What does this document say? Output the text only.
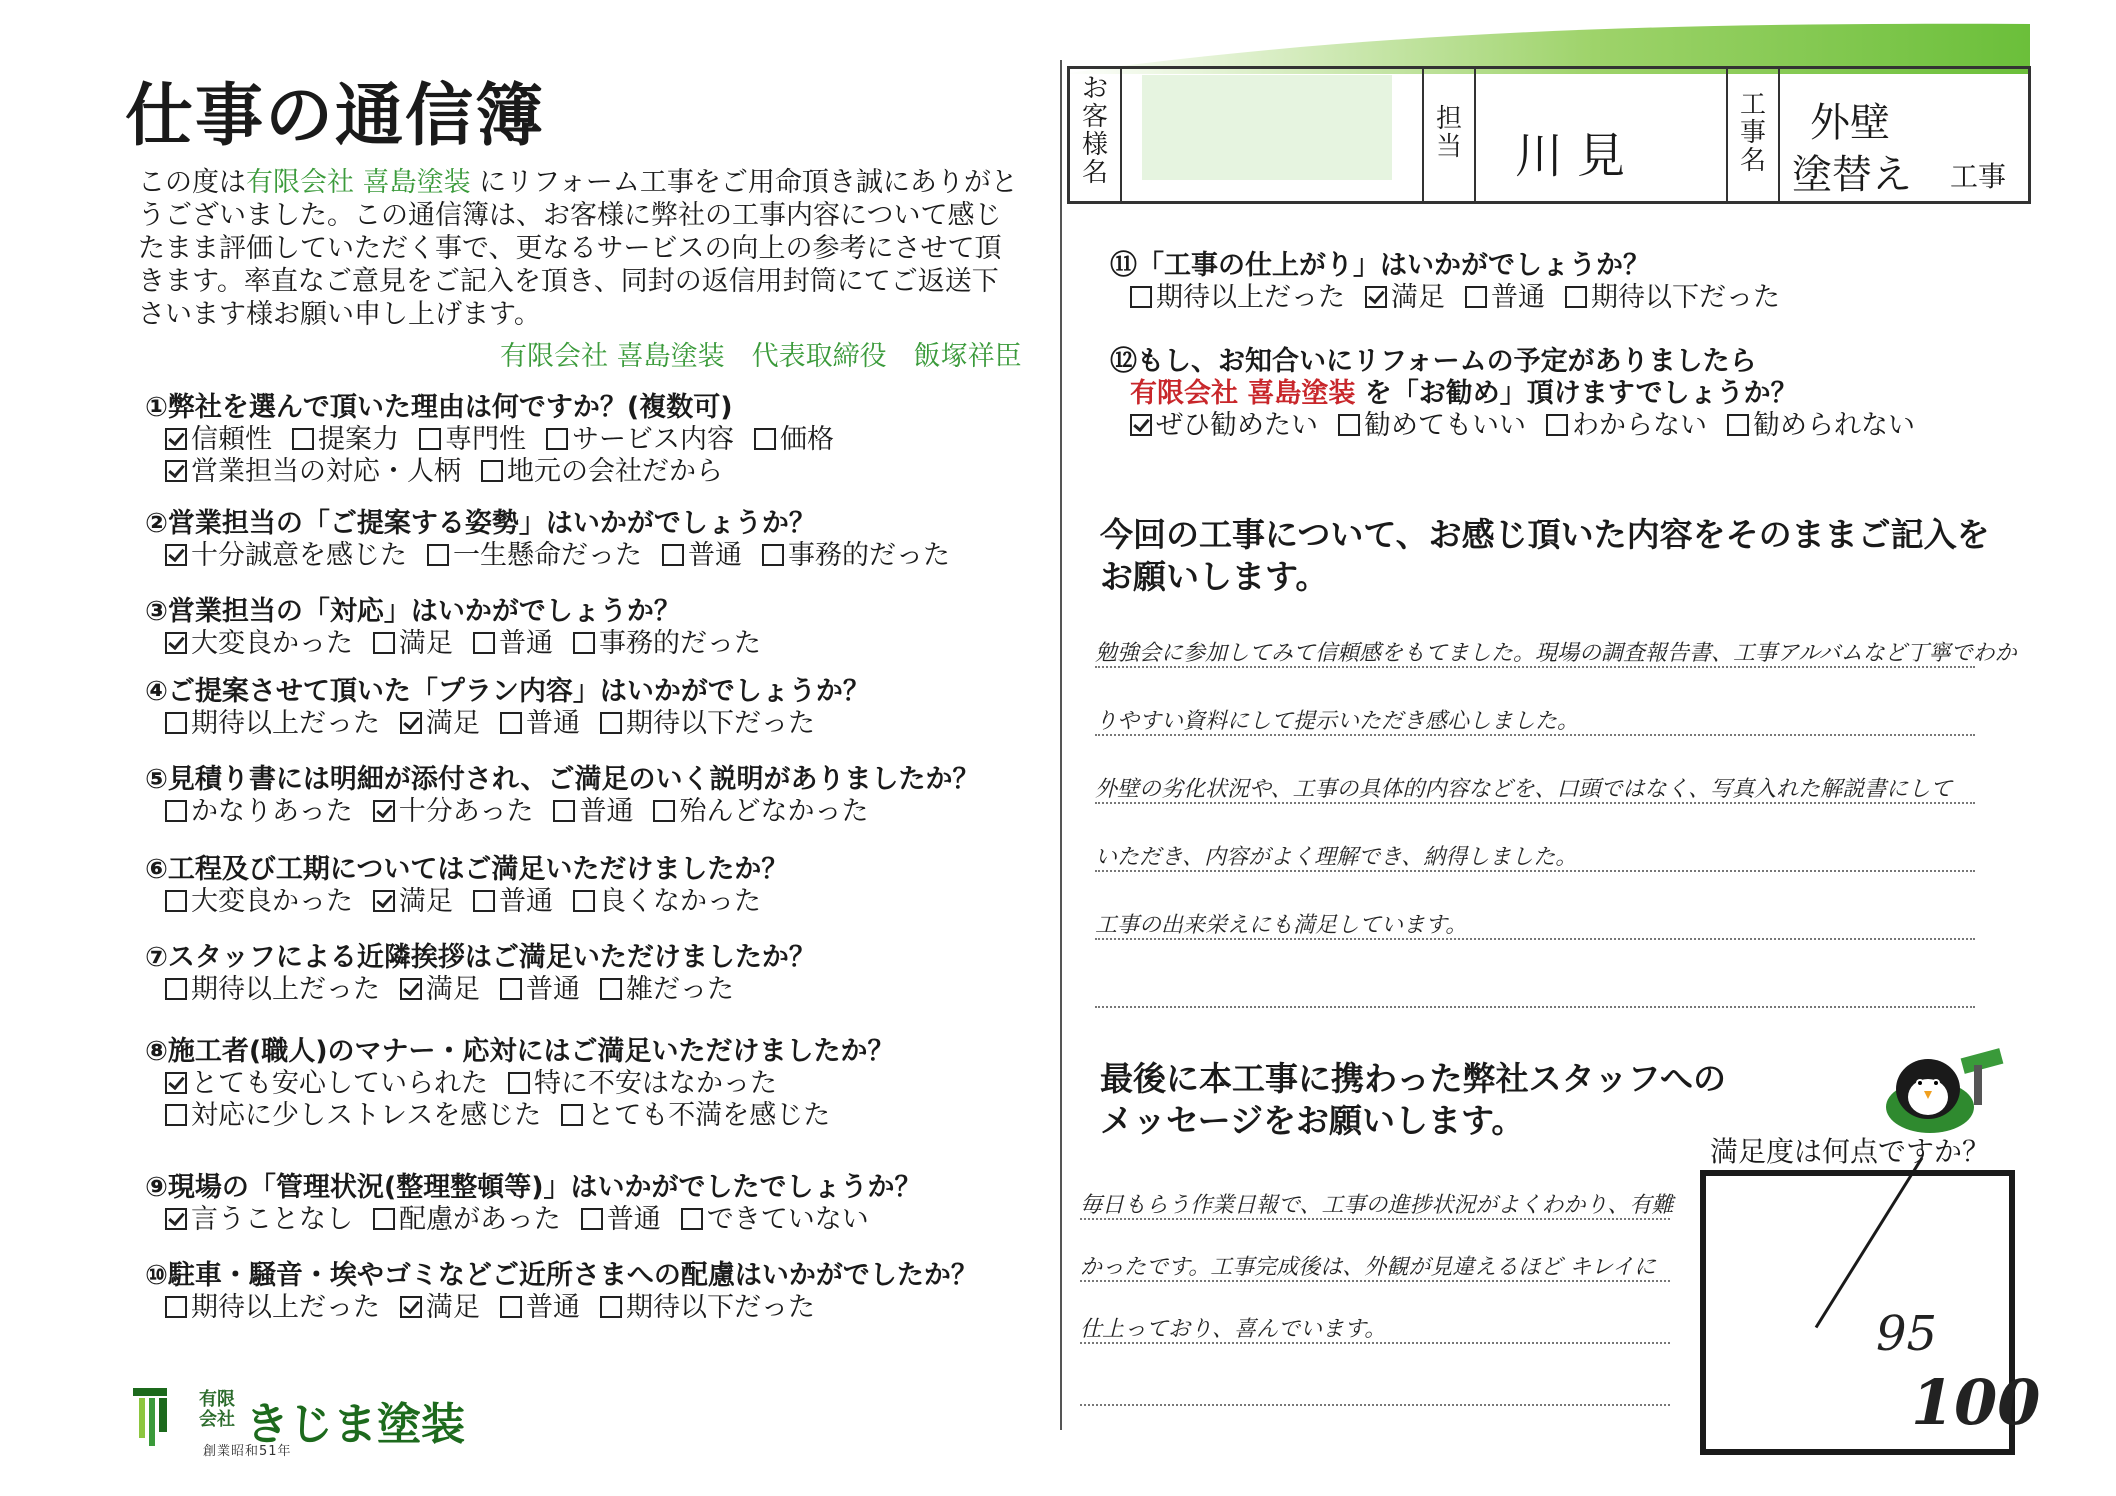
仕事の通信簿
この度は有限会社 喜島塗装 にリフォーム工事をご用命頂き誠にありがとうございました。この通信簿は、お客様に弊社の工事内容について感じたまま評価していただく事で、更なるサービスの向上の参考にさせて頂きます。率直なご意見をご記入を頂き、同封の返信用封筒にてご返送下さいます様お願い申し上げます。
有限会社 喜島塗装　代表取締役　飯塚祥臣
①弊社を選んで頂いた理由は何ですか？(複数可)
信頼性 提案力 専門性 サービス内容 価格
営業担当の対応・人柄 地元の会社だから
②営業担当の「ご提案する姿勢」はいかがでしょうか？
十分誠意を感じた 一生懸命だった 普通 事務的だった
③営業担当の「対応」はいかがでしょうか？
大変良かった 満足 普通 事務的だった
④ご提案させて頂いた「プラン内容」はいかがでしょうか？
期待以上だった 満足 普通 期待以下だった
⑤見積り書には明細が添付され、ご満足のいく説明がありましたか？
かなりあった 十分あった 普通 殆んどなかった
⑥工程及び工期についてはご満足いただけましたか？
大変良かった 満足 普通 良くなかった
⑦スタッフによる近隣挨拶はご満足いただけましたか？
期待以上だった 満足 普通 雑だった
⑧施工者(職人)のマナー・応対にはご満足いただけましたか？
とても安心していられた 特に不安はなかった
対応に少しストレスを感じた とても不満を感じた
⑨現場の「管理状況(整理整頓等)」はいかがでしたでしょうか？
言うことなし 配慮があった 普通 できていない
⑩駐車・騒音・埃やゴミなどご近所さまへの配慮はいかがでしたか？
期待以上だった 満足 普通 期待以下だった
有限
会社 きじま塗装
創業昭和51年
お
客
様
名
担
当
工
事
名
川見
外壁
塗替え 工事
⑪「工事の仕上がり」はいかがでしょうか？
期待以上だった 満足 普通 期待以下だった
⑫もし、お知合いにリフォームの予定がありましたら
有限会社 喜島塗装 を「お勧め」頂けますでしょうか？
ぜひ勧めたい 勧めてもいい わからない 勧められない
今回の工事について、お感じ頂いた内容をそのままご記入を
お願いします。
勉強会に参加してみて信頼感をもてました。現場の調査報告書、工事アルバムなど丁寧でわか
りやすい資料にして提示いただき感心しました。
外壁の劣化状況や、工事の具体的内容などを、口頭ではなく、写真入れた解説書にして
いただき、内容がよく理解でき、納得しました。
工事の出来栄えにも満足しています。
最後に本工事に携わった弊社スタッフへの
メッセージをお願いします。
毎日もらう作業日報で、工事の進捗状況がよくわかり、有難
かったです。工事完成後は、外観が見違えるほど キレイに
仕上っており、喜んでいます。
満足度は何点ですか？
95
100
